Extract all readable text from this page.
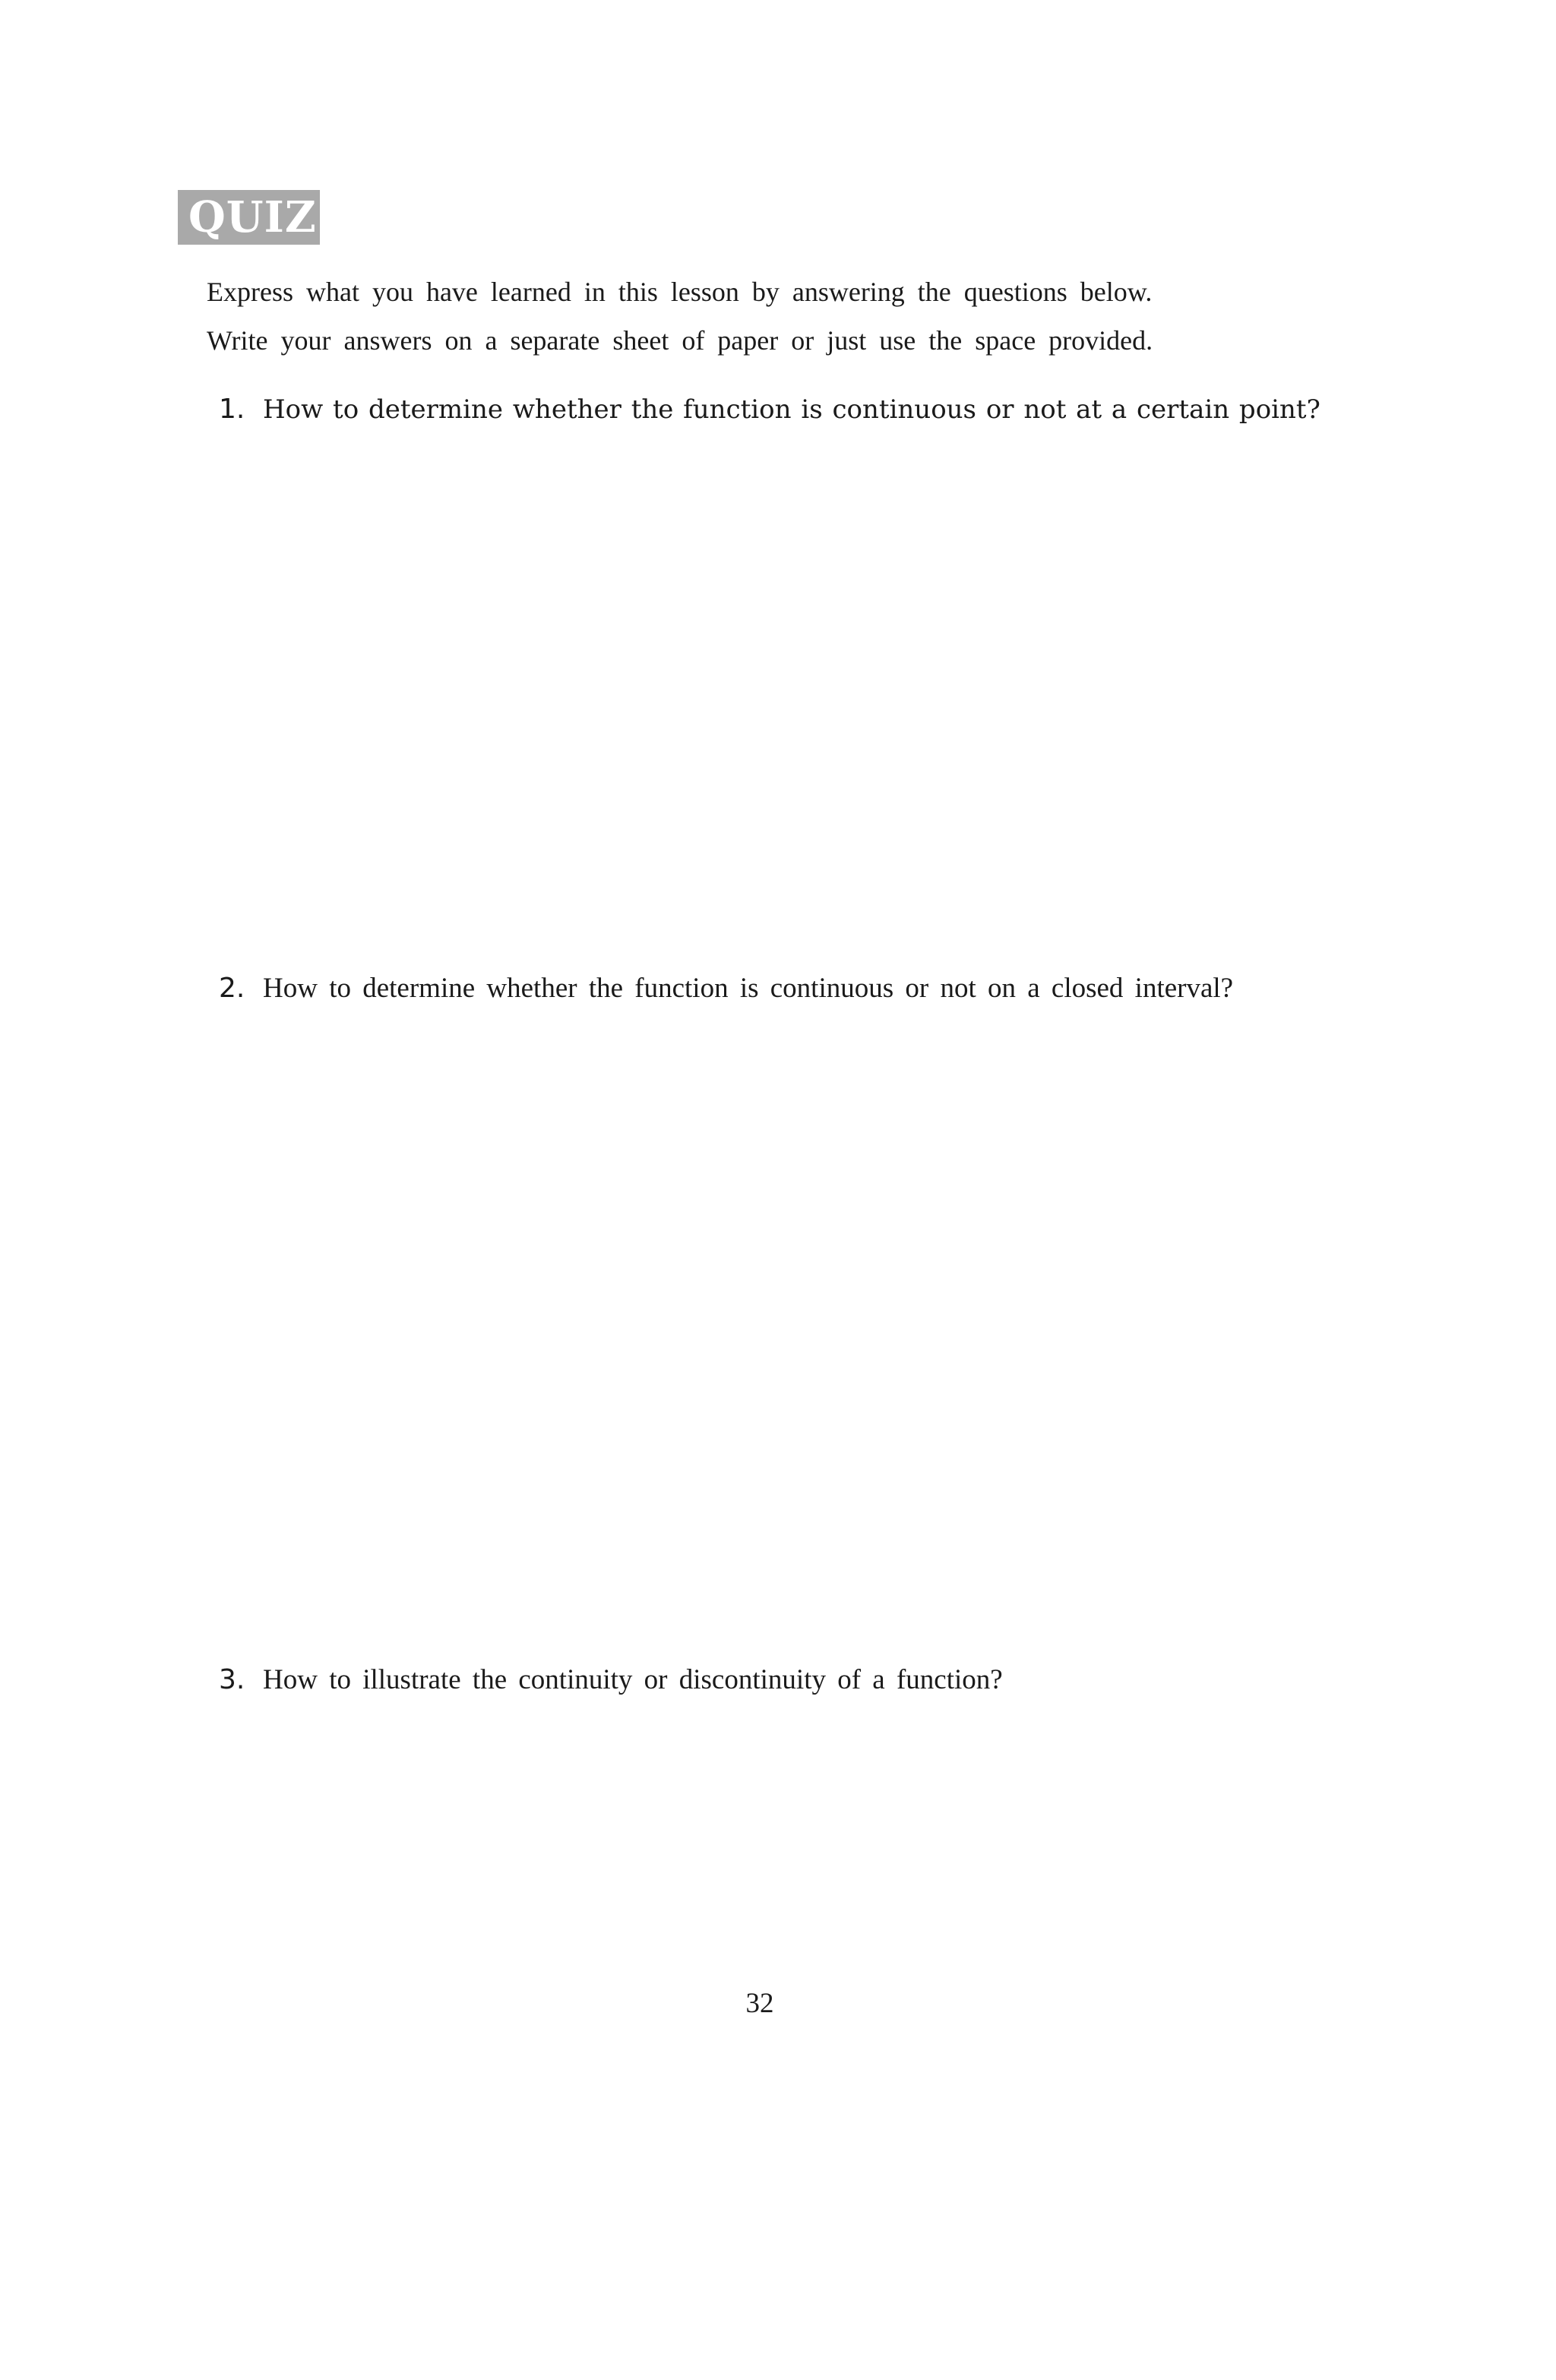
QUIZ

Express what you have learned in this lesson by answering the questions below.

Write your answers on a separate sheet of paper or just use the space provided.

1. How to determine whether the function is continuous or not at a certain point?
2. How to determine whether the function is continuous or not on a closed interval?
3. How to illustrate the continuity or discontinuity of a function?
32
